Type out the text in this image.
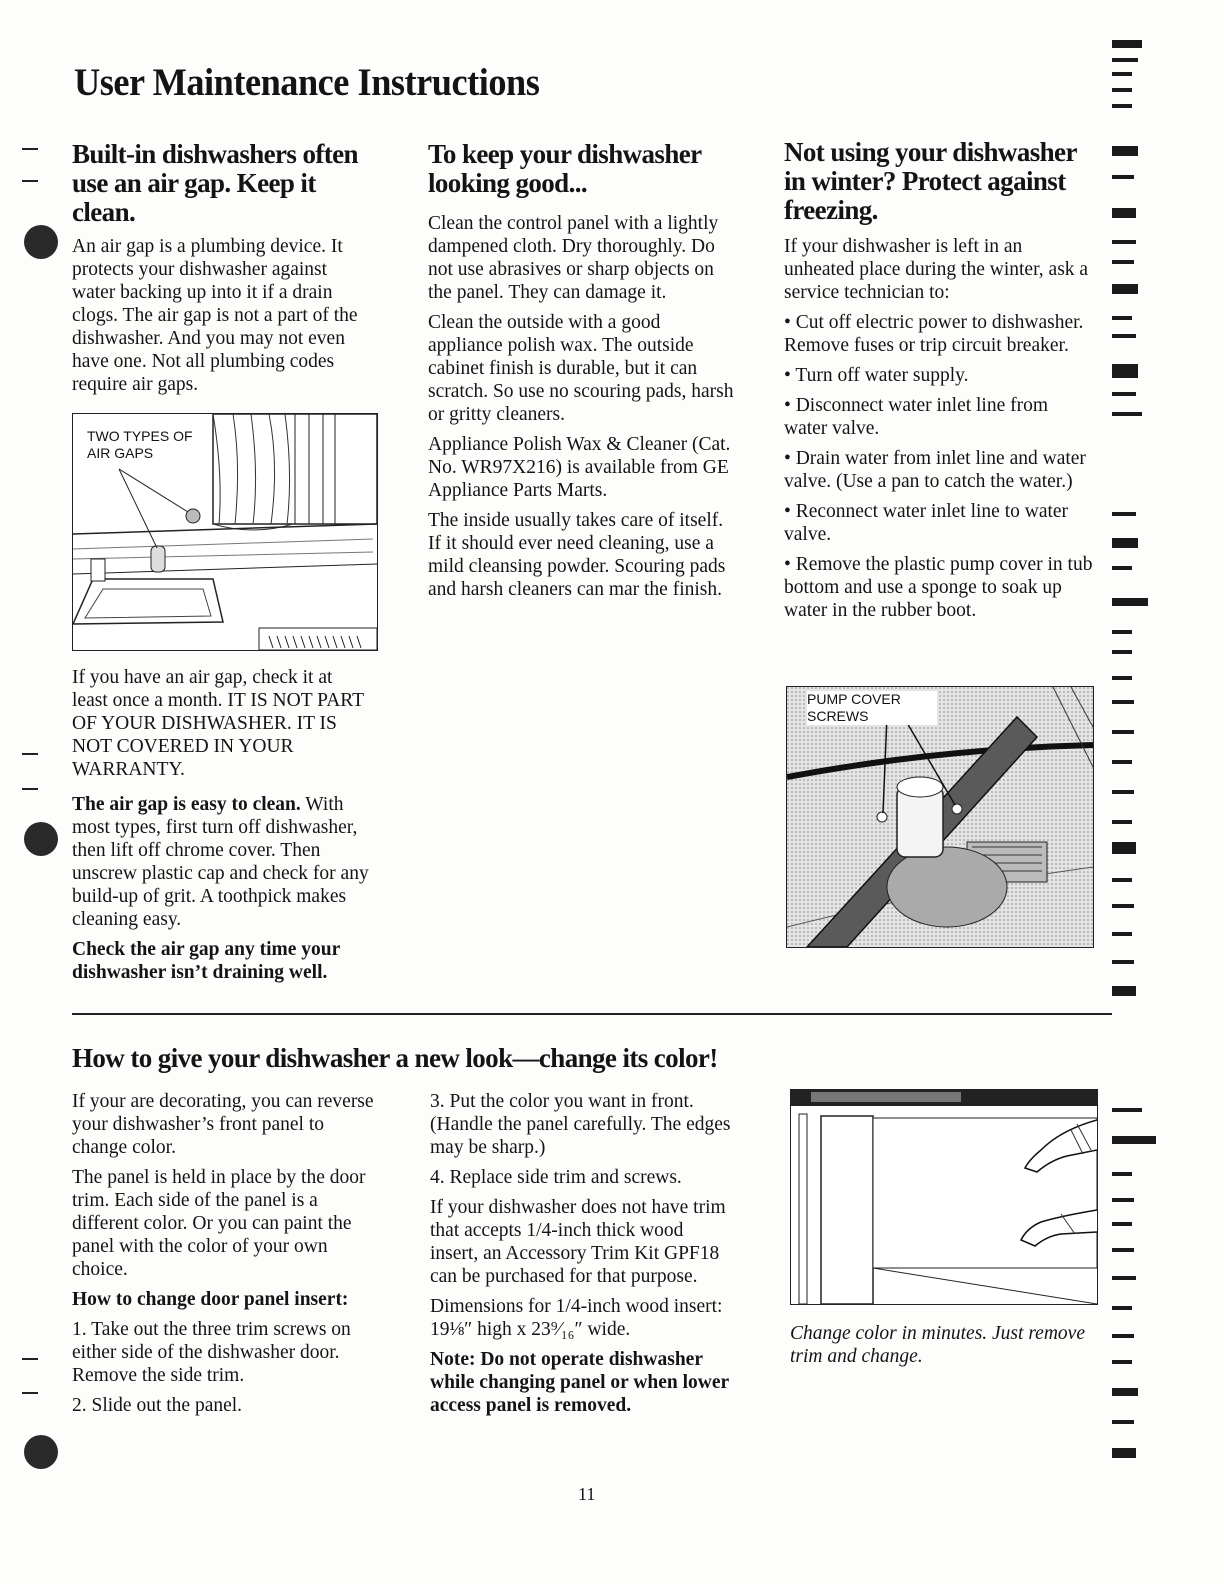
User Maintenance Instructions
Built-in dishwashers often use an air gap. Keep it clean.

An air gap is a plumbing device. It protects your dishwasher against water backing up into it if a drain clogs. The air gap is not a part of the dishwasher. And you may not even have one. Not all plumbing codes require air gaps.

TWO TYPES OF AIR GAPS

If you have an air gap, check it at least once a month. IT IS NOT PART OF YOUR DISHWASHER. IT IS NOT COVERED IN YOUR WARRANTY.

The air gap is easy to clean. With most types, first turn off dishwasher, then lift off chrome cover. Then unscrew plastic cap and check for any build-up of grit. A toothpick makes cleaning easy.

Check the air gap any time your dishwasher isn’t draining well.

To keep your dishwasher looking good...

Clean the control panel with a lightly dampened cloth. Dry thoroughly. Do not use abrasives or sharp objects on the panel. They can damage it.

Clean the outside with a good appliance polish wax. The outside cabinet finish is durable, but it can scratch. So use no scouring pads, harsh or gritty cleaners.

Appliance Polish Wax & Cleaner (Cat. No. WR97X216) is available from GE Appliance Parts Marts.

The inside usually takes care of itself. If it should ever need cleaning, use a mild cleansing powder. Scouring pads and harsh cleaners can mar the finish.

Not using your dishwasher in winter? Protect against freezing.

If your dishwasher is left in an unheated place during the winter, ask a service technician to:

• Cut off electric power to dishwasher. Remove fuses or trip circuit breaker.

• Turn off water supply.

• Disconnect water inlet line from water valve.

• Drain water from inlet line and water valve. (Use a pan to catch the water.)

• Reconnect water inlet line to water valve.

• Remove the plastic pump cover in tub bottom and use a sponge to soak up water in the rubber boot.

PUMP COVER SCREWS
How to give your dishwasher a new look—change its color!

If your are decorating, you can reverse your dishwasher’s front panel to change color.

The panel is held in place by the door trim. Each side of the panel is a different color. Or you can paint the panel with the color of your own choice.

How to change door panel insert:

1. Take out the three trim screws on either side of the dishwasher door. Remove the side trim.

2. Slide out the panel.

3. Put the color you want in front. (Handle the panel carefully. The edges may be sharp.)

4. Replace side trim and screws.

If your dishwasher does not have trim that accepts 1/4-inch thick wood insert, an Accessory Trim Kit GPF18 can be purchased for that purpose.

Dimensions for 1/4-inch wood insert: 19⅛″ high x 23⁹⁄₁₆″ wide.

Note: Do not operate dishwasher while changing panel or when lower access panel is removed.

Change color in minutes. Just remove trim and change.
11
